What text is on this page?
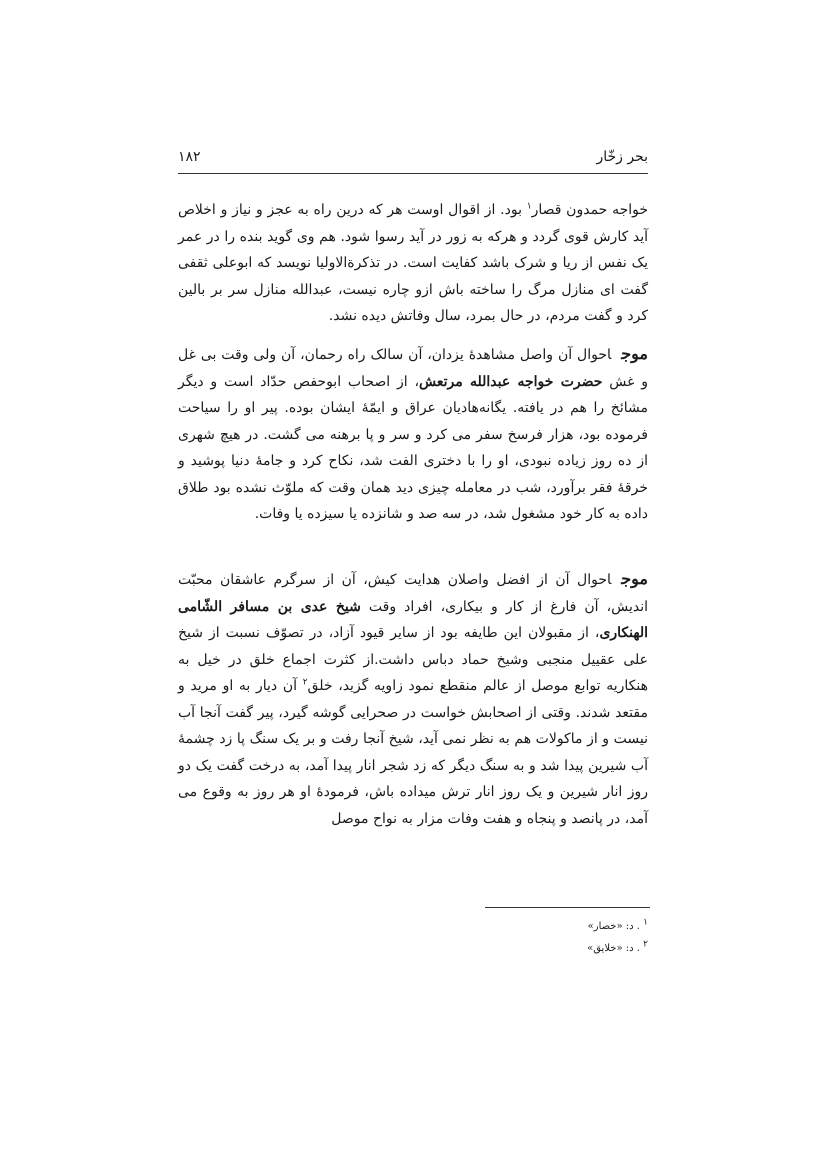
بحر زخّار
۱۸۲
خواجه حمدون قصار$^۱$ بود. از اقوال اوست هر که درین راه به عجز و نیاز و اخلاص آید کارش قوی گردد و هرکه به زور در آید رسوا شود. هم وی گوید بنده را در عمر یک نفس از ریا و شرک باشد کفایت است. در تذکرةالاولیا نویسد که ابوعلی ثقفی گفت ای منازل مرگ را ساخته باش ازو چاره نیست، عبدالله منازل سر بر بالین کرد و گفت مردم، در حال بمرد، سال وفاتش دیده نشد.
موجاحوال آن واصل مشاهدهٔ یزدان، آن سالک راه رحمان، آن ولی وقت بی غل و غش حضرت خواجه عبدالله مرتعش، از اصحاب ابوحفص حدّاد است و دیگر مشائخ را هم در یافته. یگانه‌هادیان عراق و ایمّهٔ ایشان بوده. پیر او را سیاحت فرموده بود، هزار فرسخ سفر می کرد و سر و پا برهنه می گشت. در هیچ شهری از ده روز زیاده نبودی، او را با دختری الفت شد، نکاح کرد و جامهٔ دنیا پوشید و خرقهٔ فقر برآورد، شب در معامله چیزی دید همان وقت که ملوّث نشده بود طلاق داده به کار خود مشغول شد، در سه صد و شانزده یا سیزده یا وفات.
موجاحوال آن از افضل واصلان هدایت کیش، آن از سرگرم عاشقان محبّت اندیش، آن فارغ از کار و بیکاری، افراد وقت شیخ عدی بن مسافر الشّامی الهنکاری، از مقبولان این طایفه بود از سایر قیود آزاد، در تصوّف نسبت از شیخ علی عقییل منجبی وشیخ حماد دباس داشت.از کثرت اجماع خلق در خیل به هنکاریه توابع موصل از عالم منقطع نمود زاویه گزید، خلق$^۲$ آن دیار به او مرید و مقتعد شدند. وقتی از اصحابش خواست در صحرایی گوشه گیرد، پیر گفت آنجا آب نیست و از ماکولات هم به نظر نمی آید، شیخ آنجا رفت و بر یک سنگ پا زد چشمهٔ آب شیرین پیدا شد و به سنگ دیگر که زد شجر انار پیدا آمد، به درخت گفت یک دو روز انار شیرین و یک روز انار ترش میداده باش، فرمودهٔ او هر روز به وقوع می آمد، در پانصد و پنجاه و هفت وفات مزار به نواح موصل
۱ . د: «خصار»
۲ . د: «خلایق»
